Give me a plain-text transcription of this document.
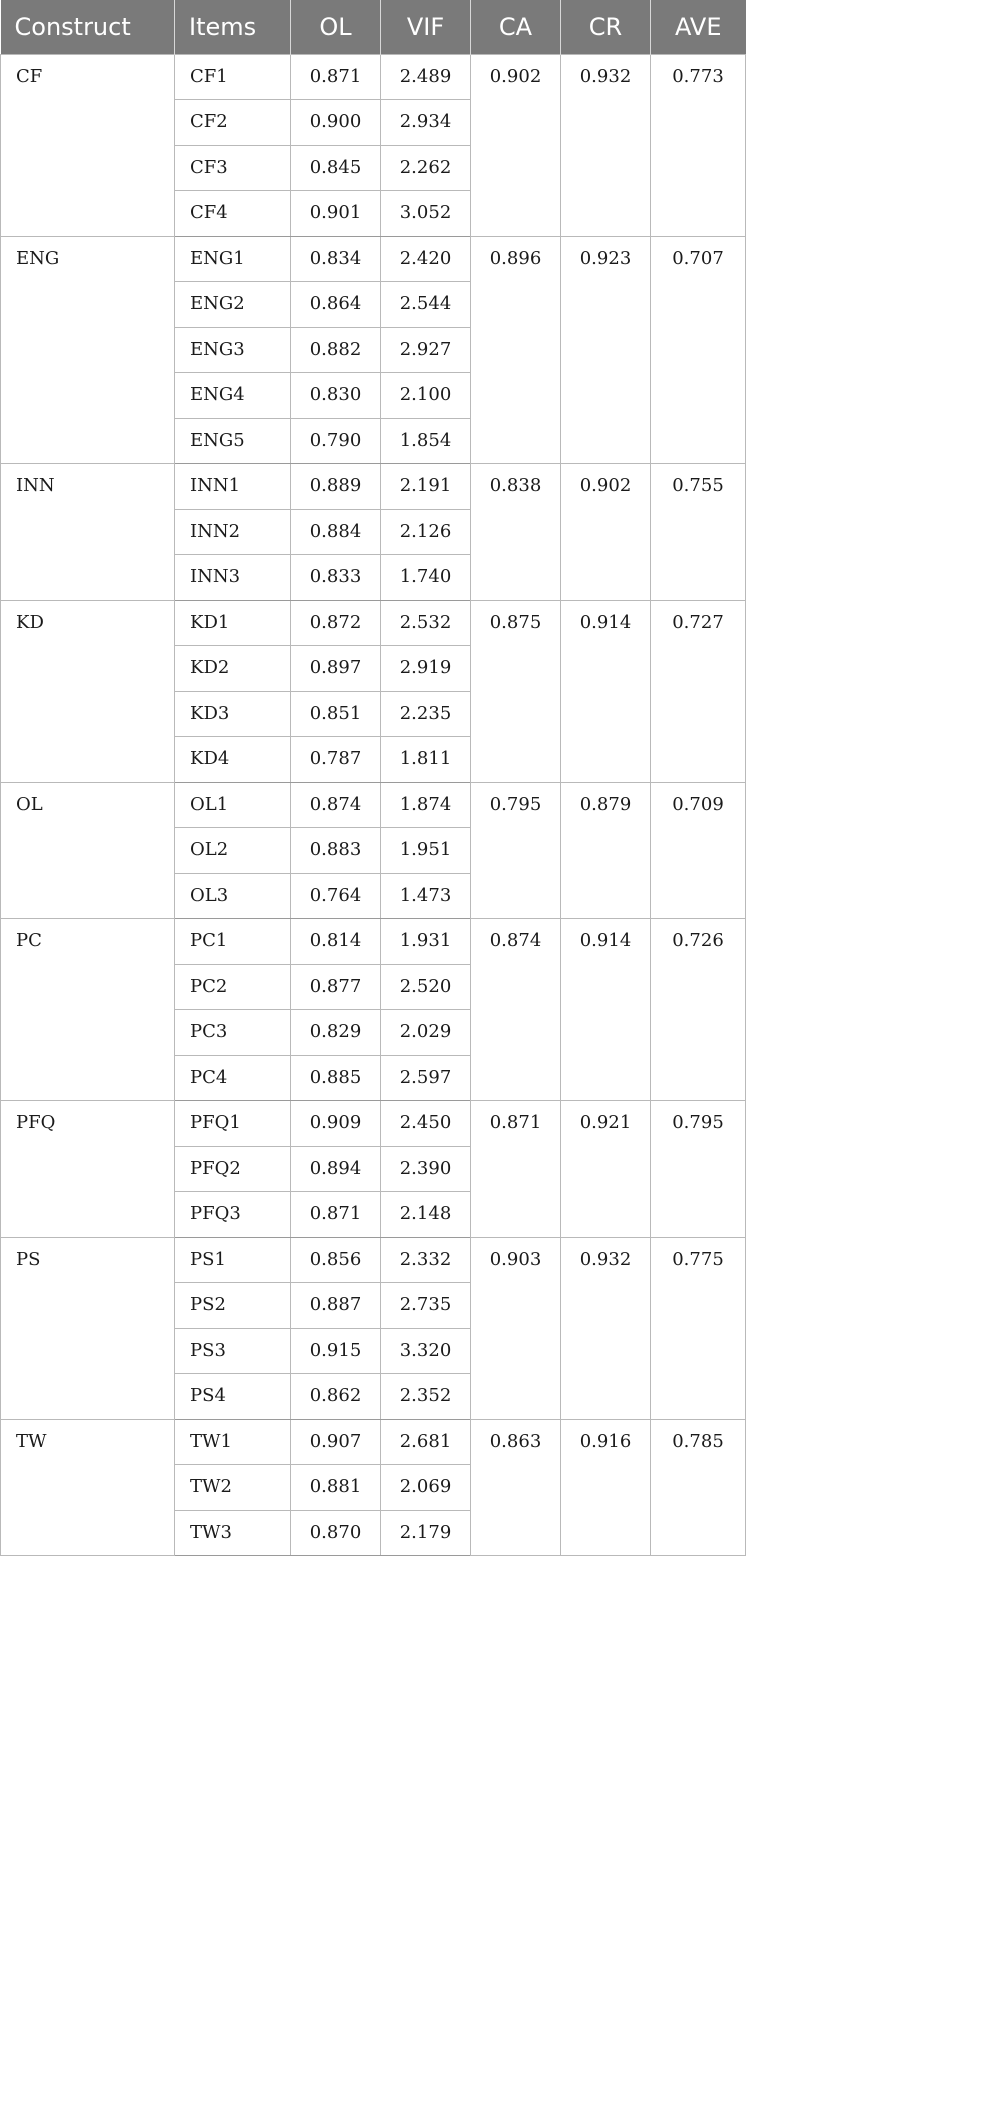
Construct	Items	OL	VIF	CA	CR	AVE
CF	CF1	0.871	2.489	0.902	0.932	0.773
	CF2	0.900	2.934			
	CF3	0.845	2.262			
	CF4	0.901	3.052			
ENG	ENG1	0.834	2.420	0.896	0.923	0.707
	ENG2	0.864	2.544			
	ENG3	0.882	2.927			
	ENG4	0.830	2.100			
	ENG5	0.790	1.854			
INN	INN1	0.889	2.191	0.838	0.902	0.755
	INN2	0.884	2.126			
	INN3	0.833	1.740			
KD	KD1	0.872	2.532	0.875	0.914	0.727
	KD2	0.897	2.919			
	KD3	0.851	2.235			
	KD4	0.787	1.811			
OL	OL1	0.874	1.874	0.795	0.879	0.709
	OL2	0.883	1.951			
	OL3	0.764	1.473			
PC	PC1	0.814	1.931	0.874	0.914	0.726
	PC2	0.877	2.520			
	PC3	0.829	2.029			
	PC4	0.885	2.597			
PFQ	PFQ1	0.909	2.450	0.871	0.921	0.795
	PFQ2	0.894	2.390			
	PFQ3	0.871	2.148			
PS	PS1	0.856	2.332	0.903	0.932	0.775
	PS2	0.887	2.735			
	PS3	0.915	3.320			
	PS4	0.862	2.352			
TW	TW1	0.907	2.681	0.863	0.916	0.785
	TW2	0.881	2.069			
	TW3	0.870	2.179			
